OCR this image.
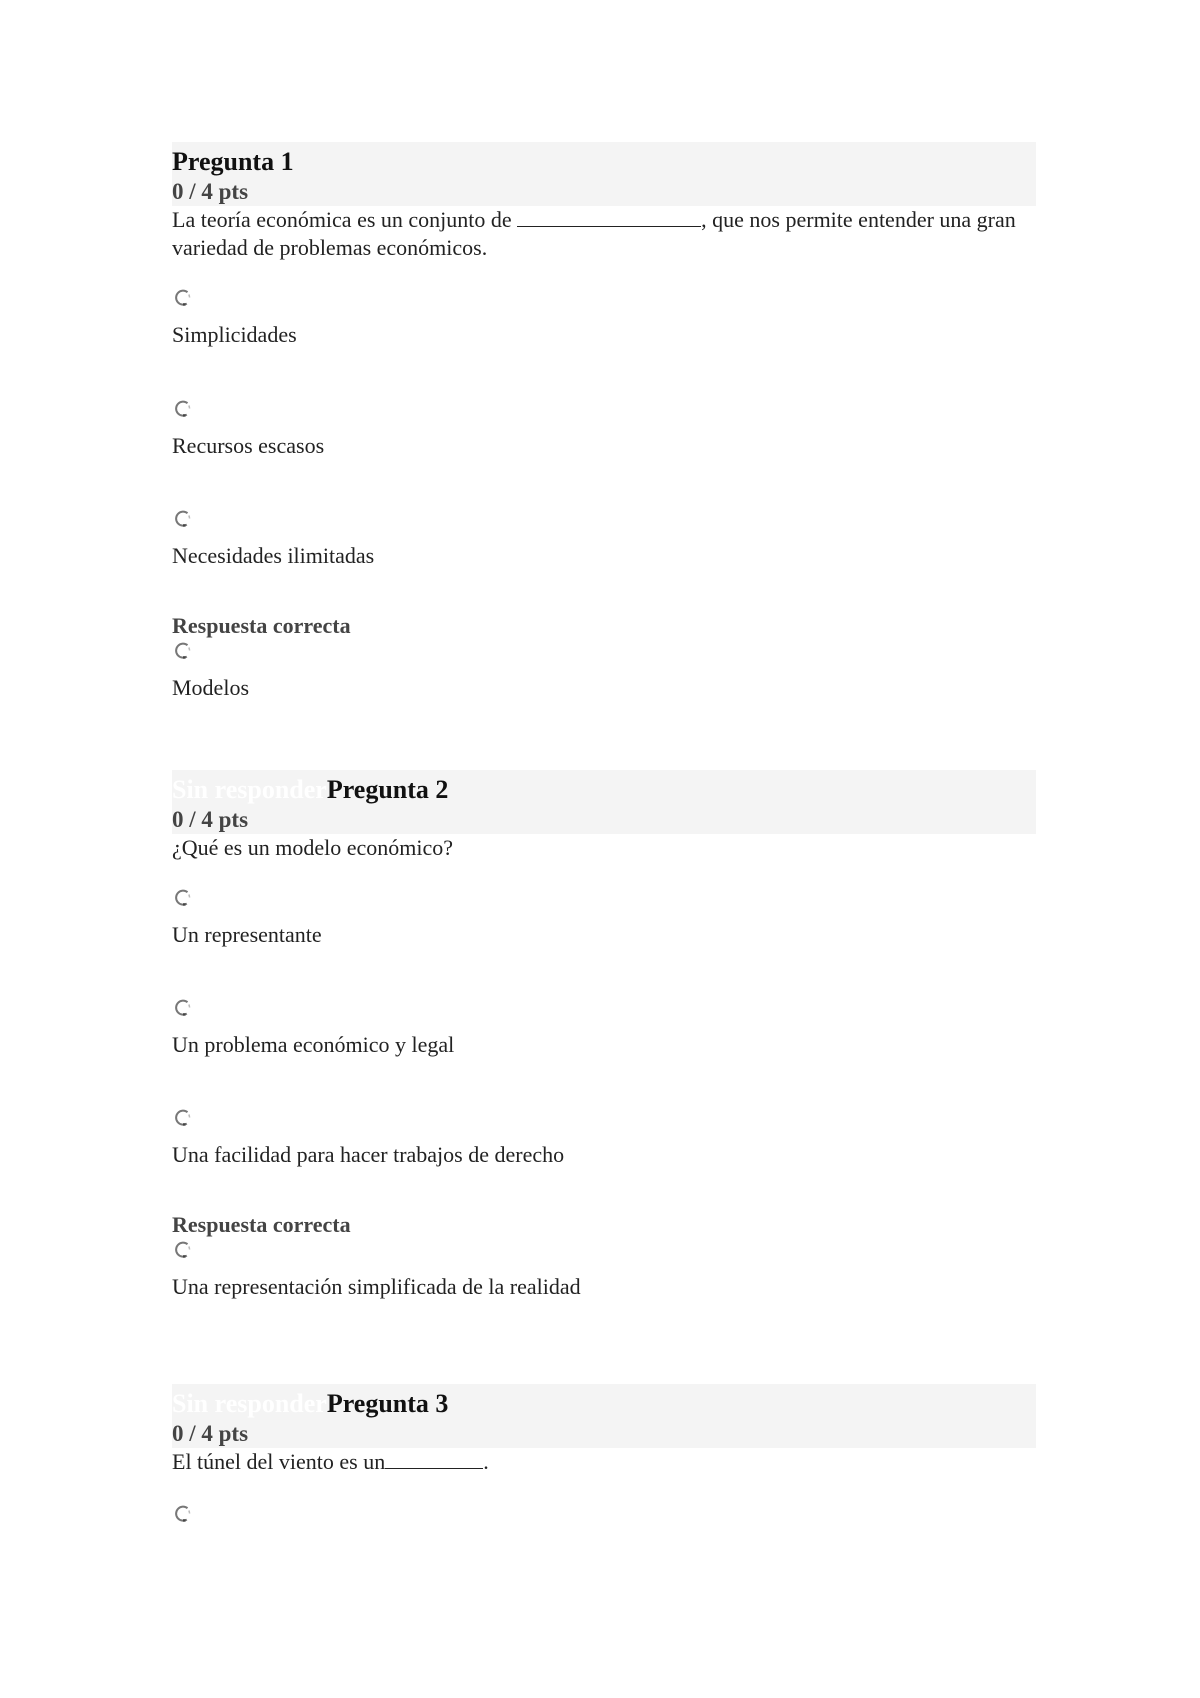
Pregunta 1
0 / 4 pts
La teoría económica es un conjunto de	, que nos permite entender una gran variedad de problemas económicos.
Simplicidades
Recursos escasos
Necesidades ilimitadas
Respuesta correcta
Modelos
Sin responderPregunta 2
0 / 4 pts
¿Qué es un modelo económico?
Un representante
Un problema económico y legal
Una facilidad para hacer trabajos de derecho
Respuesta correcta
Una representación simplificada de la realidad
Sin responderPregunta 3
0 / 4 pts
El túnel del viento es un	.
